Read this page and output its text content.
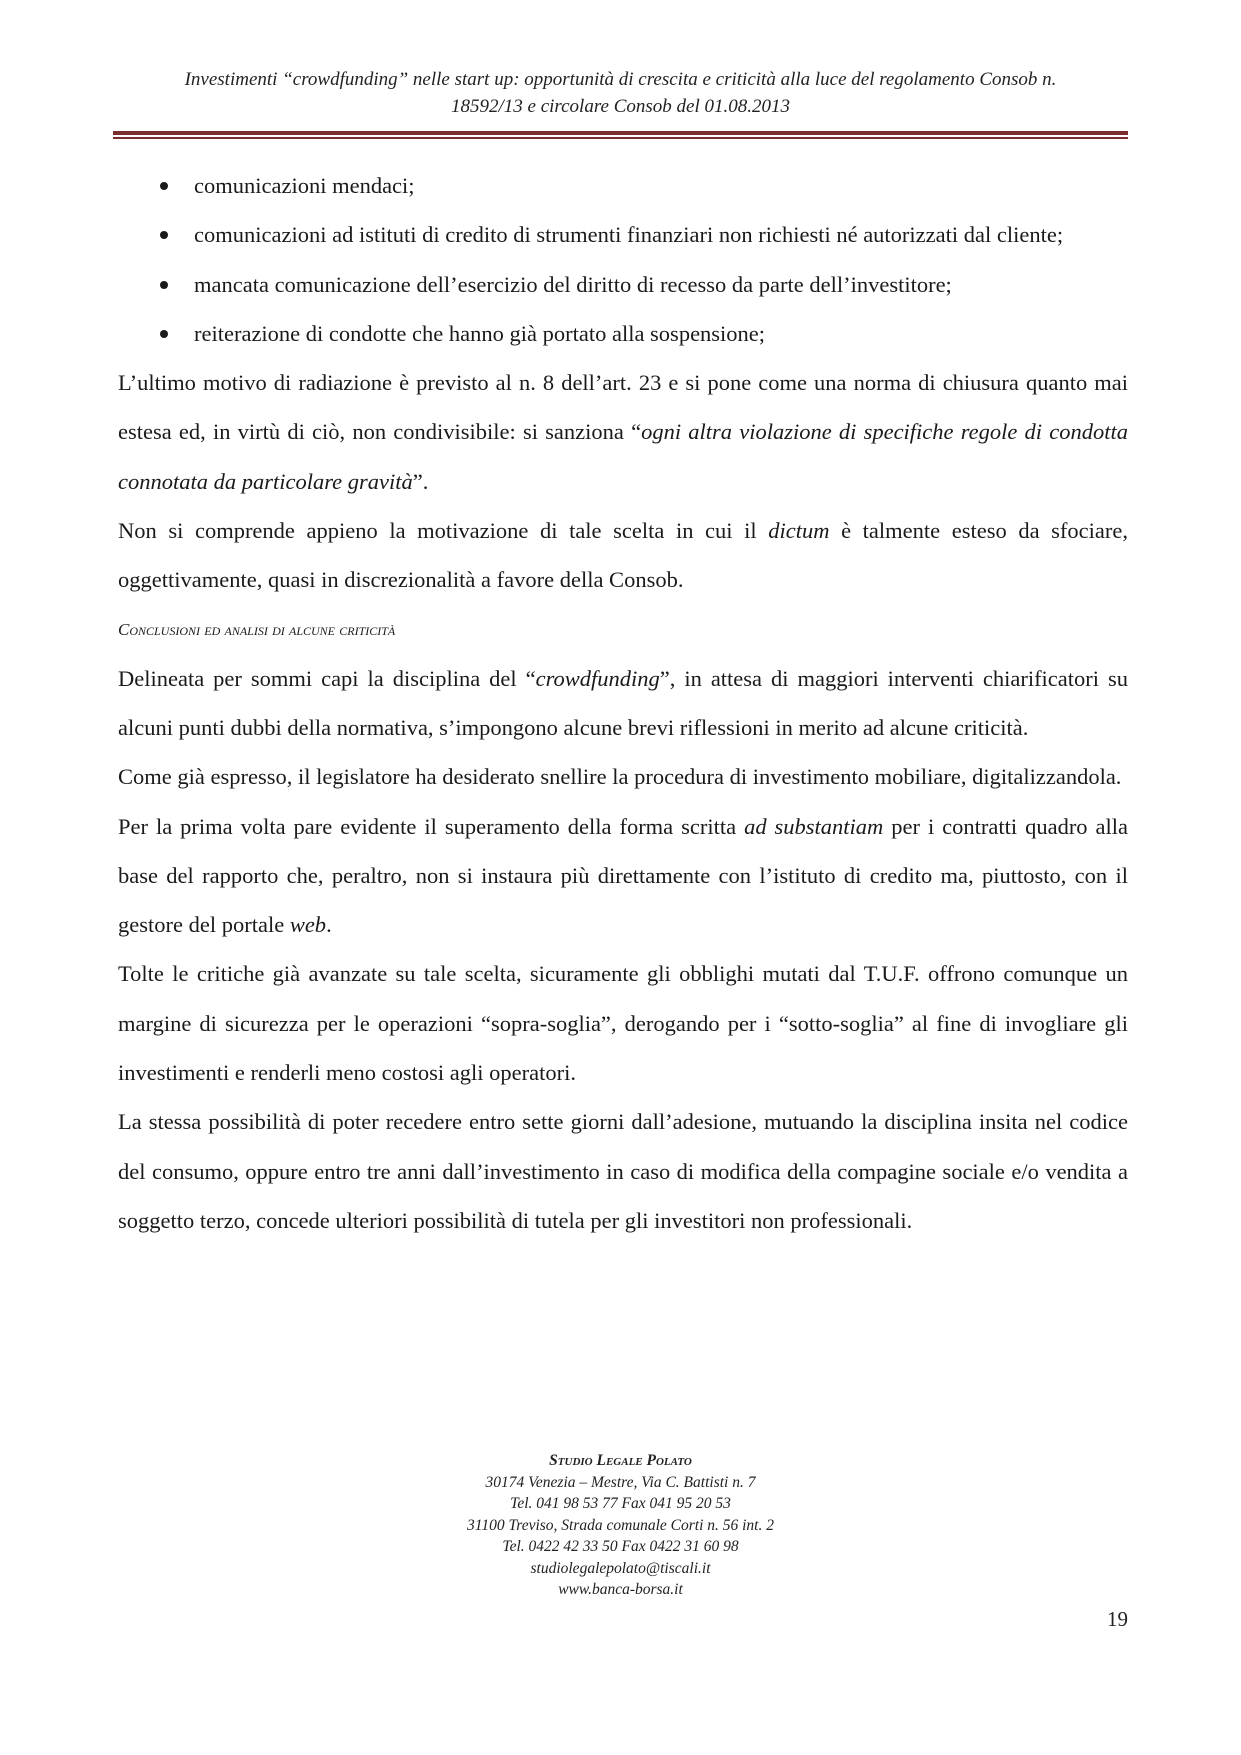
Investimenti “crowdfunding” nelle start up: opportunità di crescita e criticità alla luce del regolamento Consob n.
18592/13 e circolare Consob del 01.08.2013
comunicazioni mendaci;
comunicazioni ad istituti di credito di strumenti finanziari non richiesti né autorizzati dal cliente;
mancata comunicazione dell’esercizio del diritto di recesso da parte dell’investitore;
reiterazione di condotte che hanno già portato alla sospensione;

L’ultimo motivo di radiazione è previsto al n. 8 dell’art. 23 e si pone come una norma di chiusura quanto mai estesa ed, in virtù di ciò, non condivisibile: si sanziona “ogni altra violazione di specifiche regole di condotta connotata da particolare gravità”.

Non si comprende appieno la motivazione di tale scelta in cui il dictum è talmente esteso da sfociare, oggettivamente, quasi in discrezionalità a favore della Consob.

Conclusioni ed analisi di alcune criticità

Delineata per sommi capi la disciplina del “crowdfunding”, in attesa di maggiori interventi chiarificatori su alcuni punti dubbi della normativa, s’impongono alcune brevi riflessioni in merito ad alcune criticità.

Come già espresso, il legislatore ha desiderato snellire la procedura di investimento mobiliare, digitalizzandola.

Per la prima volta pare evidente il superamento della forma scritta ad substantiam per i contratti quadro alla base del rapporto che, peraltro, non si instaura più direttamente con l’istituto di credito ma, piuttosto, con il gestore del portale web.

Tolte le critiche già avanzate su tale scelta, sicuramente gli obblighi mutati dal T.U.F. offrono comunque un margine di sicurezza per le operazioni “sopra-soglia”, derogando per i “sotto-soglia” al fine di invogliare gli investimenti e renderli meno costosi agli operatori.

La stessa possibilità di poter recedere entro sette giorni dall’adesione, mutuando la disciplina insita nel codice del consumo, oppure entro tre anni dall’investimento in caso di modifica della compagine sociale e/o vendita a soggetto terzo, concede ulteriori possibilità di tutela per gli investitori non professionali.

Studio Legale Polato
30174 Venezia – Mestre, Via C. Battisti n. 7
Tel. 041 98 53 77 Fax 041 95 20 53
31100 Treviso, Strada comunale Corti n. 56 int. 2
Tel. 0422 42 33 50 Fax 0422 31 60 98
studiolegalepolato@tiscali.it
www.banca-borsa.it
19
